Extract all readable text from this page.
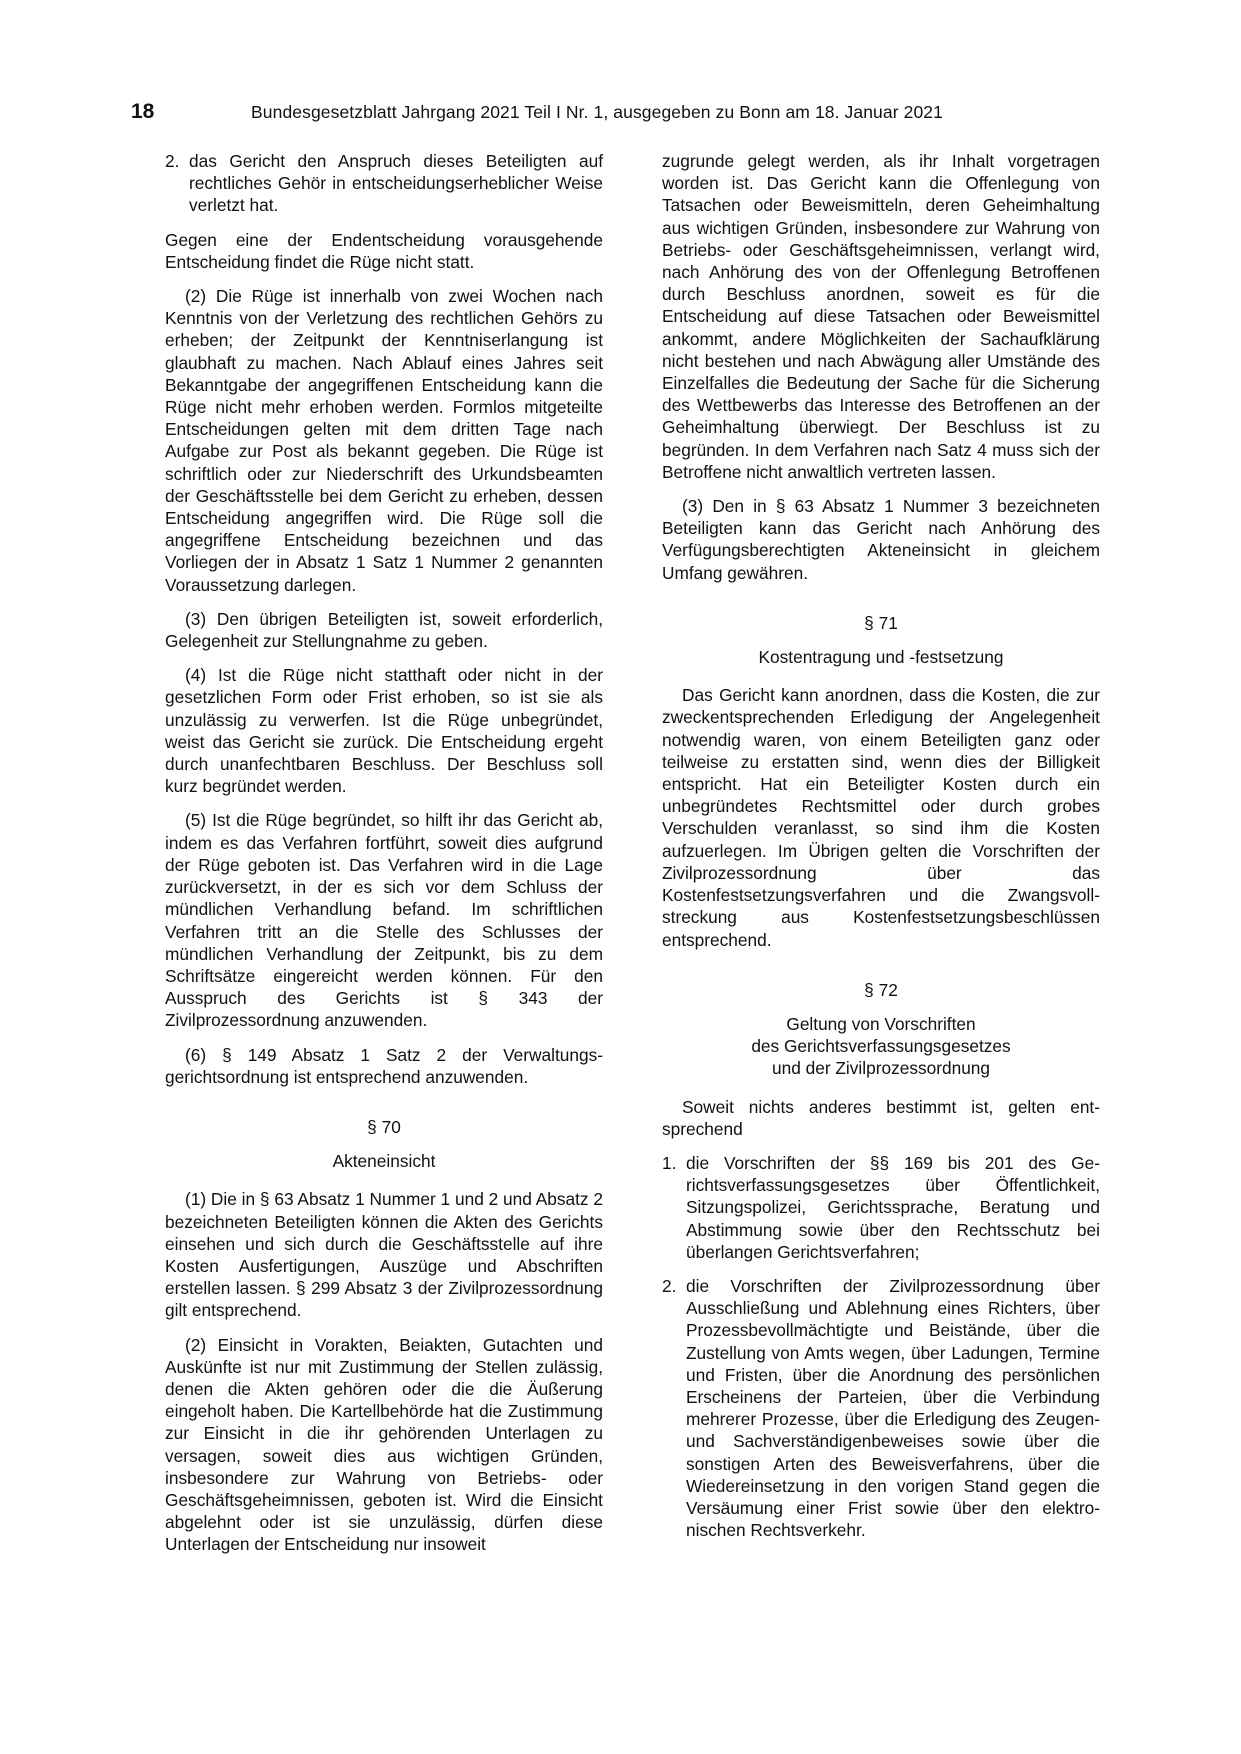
18	Bundesgesetzblatt Jahrgang 2021 Teil I Nr. 1, ausgegeben zu Bonn am 18. Januar 2021
2. das Gericht den Anspruch dieses Beteiligten auf rechtliches Gehör in entscheidungserheblicher Weise verletzt hat.

Gegen eine der Endentscheidung vorausgehende Entscheidung findet die Rüge nicht statt.

(2) Die Rüge ist innerhalb von zwei Wochen nach Kenntnis von der Verletzung des rechtlichen Gehörs zu erheben; der Zeitpunkt der Kenntniserlangung ist glaubhaft zu machen. Nach Ablauf eines Jahres seit Bekanntgabe der angegriffenen Entscheidung kann die Rüge nicht mehr erhoben werden. Formlos mitgeteilte Entscheidungen gelten mit dem dritten Tage nach Aufgabe zur Post als bekannt gegeben. Die Rüge ist schriftlich oder zur Niederschrift des Urkundsbeamten der Geschäftsstelle bei dem Gericht zu erheben, dessen Entscheidung angegriffen wird. Die Rüge soll die angegriffene Entscheidung bezeichnen und das Vorliegen der in Absatz 1 Satz 1 Nummer 2 genannten Voraussetzung darlegen.

(3) Den übrigen Beteiligten ist, soweit erforderlich, Gelegenheit zur Stellungnahme zu geben.

(4) Ist die Rüge nicht statthaft oder nicht in der gesetzlichen Form oder Frist erhoben, so ist sie als unzulässig zu verwerfen. Ist die Rüge unbegründet, weist das Gericht sie zurück. Die Entscheidung ergeht durch unanfechtbaren Beschluss. Der Beschluss soll kurz begründet werden.

(5) Ist die Rüge begründet, so hilft ihr das Gericht ab, indem es das Verfahren fortführt, soweit dies aufgrund der Rüge geboten ist. Das Verfahren wird in die Lage zurückversetzt, in der es sich vor dem Schluss der mündlichen Verhandlung befand. Im schriftlichen Verfahren tritt an die Stelle des Schlusses der mündlichen Verhandlung der Zeitpunkt, bis zu dem Schriftsätze eingereicht werden können. Für den Ausspruch des Gerichts ist § 343 der Zivilprozessordnung anzuwenden.

(6) § 149 Absatz 1 Satz 2 der Verwaltungsgerichtsordnung ist entsprechend anzuwenden.

§ 70
Akteneinsicht

(1) Die in § 63 Absatz 1 Nummer 1 und 2 und Absatz 2 bezeichneten Beteiligten können die Akten des Gerichts einsehen und sich durch die Geschäftsstelle auf ihre Kosten Ausfertigungen, Auszüge und Abschriften erstellen lassen. § 299 Absatz 3 der Zivilprozessordnung gilt entsprechend.

(2) Einsicht in Vorakten, Beiakten, Gutachten und Auskünfte ist nur mit Zustimmung der Stellen zulässig, denen die Akten gehören oder die die Äußerung eingeholt haben. Die Kartellbehörde hat die Zustimmung zur Einsicht in die ihr gehörenden Unterlagen zu versagen, soweit dies aus wichtigen Gründen, insbesondere zur Wahrung von Betriebs- oder Geschäftsgeheimnissen, geboten ist. Wird die Einsicht abgelehnt oder ist sie unzulässig, dürfen diese Unterlagen der Entscheidung nur insoweit

zugrunde gelegt werden, als ihr Inhalt vorgetragen worden ist. Das Gericht kann die Offenlegung von Tatsachen oder Beweismitteln, deren Geheimhaltung aus wichtigen Gründen, insbesondere zur Wahrung von Betriebs- oder Geschäftsgeheimnissen, verlangt wird, nach Anhörung des von der Offenlegung Betroffenen durch Beschluss anordnen, soweit es für die Entscheidung auf diese Tatsachen oder Beweismittel ankommt, andere Möglichkeiten der Sachaufklärung nicht bestehen und nach Abwägung aller Umstände des Einzelfalles die Bedeutung der Sache für die Sicherung des Wettbewerbs das Interesse des Betroffenen an der Geheimhaltung überwiegt. Der Beschluss ist zu begründen. In dem Verfahren nach Satz 4 muss sich der Betroffene nicht anwaltlich vertreten lassen.

(3) Den in § 63 Absatz 1 Nummer 3 bezeichneten Beteiligten kann das Gericht nach Anhörung des Verfügungsberechtigten Akteneinsicht in gleichem Umfang gewähren.

§ 71
Kostentragung und -festsetzung

Das Gericht kann anordnen, dass die Kosten, die zur zweckentsprechenden Erledigung der Angelegenheit notwendig waren, von einem Beteiligten ganz oder teilweise zu erstatten sind, wenn dies der Billigkeit entspricht. Hat ein Beteiligter Kosten durch ein unbegründetes Rechtsmittel oder durch grobes Verschulden veranlasst, so sind ihm die Kosten aufzuerlegen. Im Übrigen gelten die Vorschriften der Zivilprozessordnung über das Kostenfestsetzungsverfahren und die Zwangsvollstreckung aus Kostenfestsetzungsbeschlüssen entsprechend.

§ 72
Geltung von Vorschriften
des Gerichtsverfassungsgesetzes
und der Zivilprozessordnung

Soweit nichts anderes bestimmt ist, gelten entsprechend

1. die Vorschriften der §§ 169 bis 201 des Gerichtsverfassungsgesetzes über Öffentlichkeit, Sitzungspolizei, Gerichtssprache, Beratung und Abstimmung sowie über den Rechtsschutz bei überlangen Gerichtsverfahren;
2. die Vorschriften der Zivilprozessordnung über Ausschließung und Ablehnung eines Richters, über Prozessbevollmächtigte und Beistände, über die Zustellung von Amts wegen, über Ladungen, Termine und Fristen, über die Anordnung des persönlichen Erscheinens der Parteien, über die Verbindung mehrerer Prozesse, über die Erledigung des Zeugen- und Sachverständigenbeweises sowie über die sonstigen Arten des Beweisverfahrens, über die Wiedereinsetzung in den vorigen Stand gegen die Versäumung einer Frist sowie über den elektronischen Rechtsverkehr.
